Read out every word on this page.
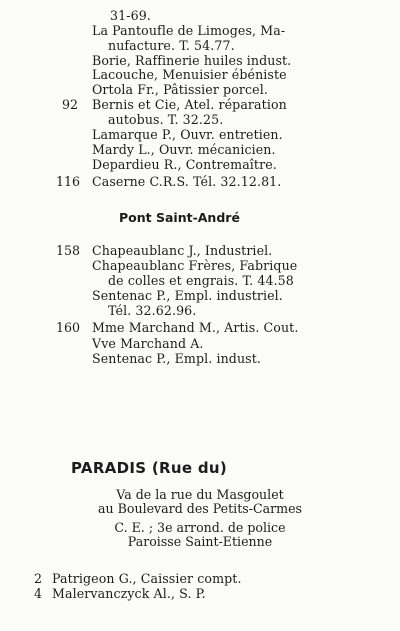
31-69.
La Pantoufle de Limoges, Ma-
nufacture. T. 54.77.
Borie, Raffinerie huiles indust.
Lacouche, Menuisier ébéniste
Ortola Fr., Pâtissier porcel.
92 Bernis et Cie, Atel. réparation
autobus. T. 32.25.
Lamarque P., Ouvr. entretien.
Mardy L., Ouvr. mécanicien.
Depardieu R., Contremaître.
116 Caserne C.R.S. Tél. 32.12.81.
Pont Saint-André
158 Chapeaublanc J., Industriel.
Chapeaublanc Frères, Fabrique
de colles et engrais. T. 44.58
Sentenac P., Empl. industriel.
Tél. 32.62.96.
160 Mme Marchand M., Artis. Cout.
Vve Marchand A.
Sentenac P., Empl. indust.
PARADIS (Rue du)
Va de la rue du Masgoulet
au Boulevard des Petits-Carmes
C. E. ; 3e arrond. de police
Paroisse Saint-Etienne
2 Patrigeon G., Caissier compt.
4 Malervanczyck Al., S. P.
